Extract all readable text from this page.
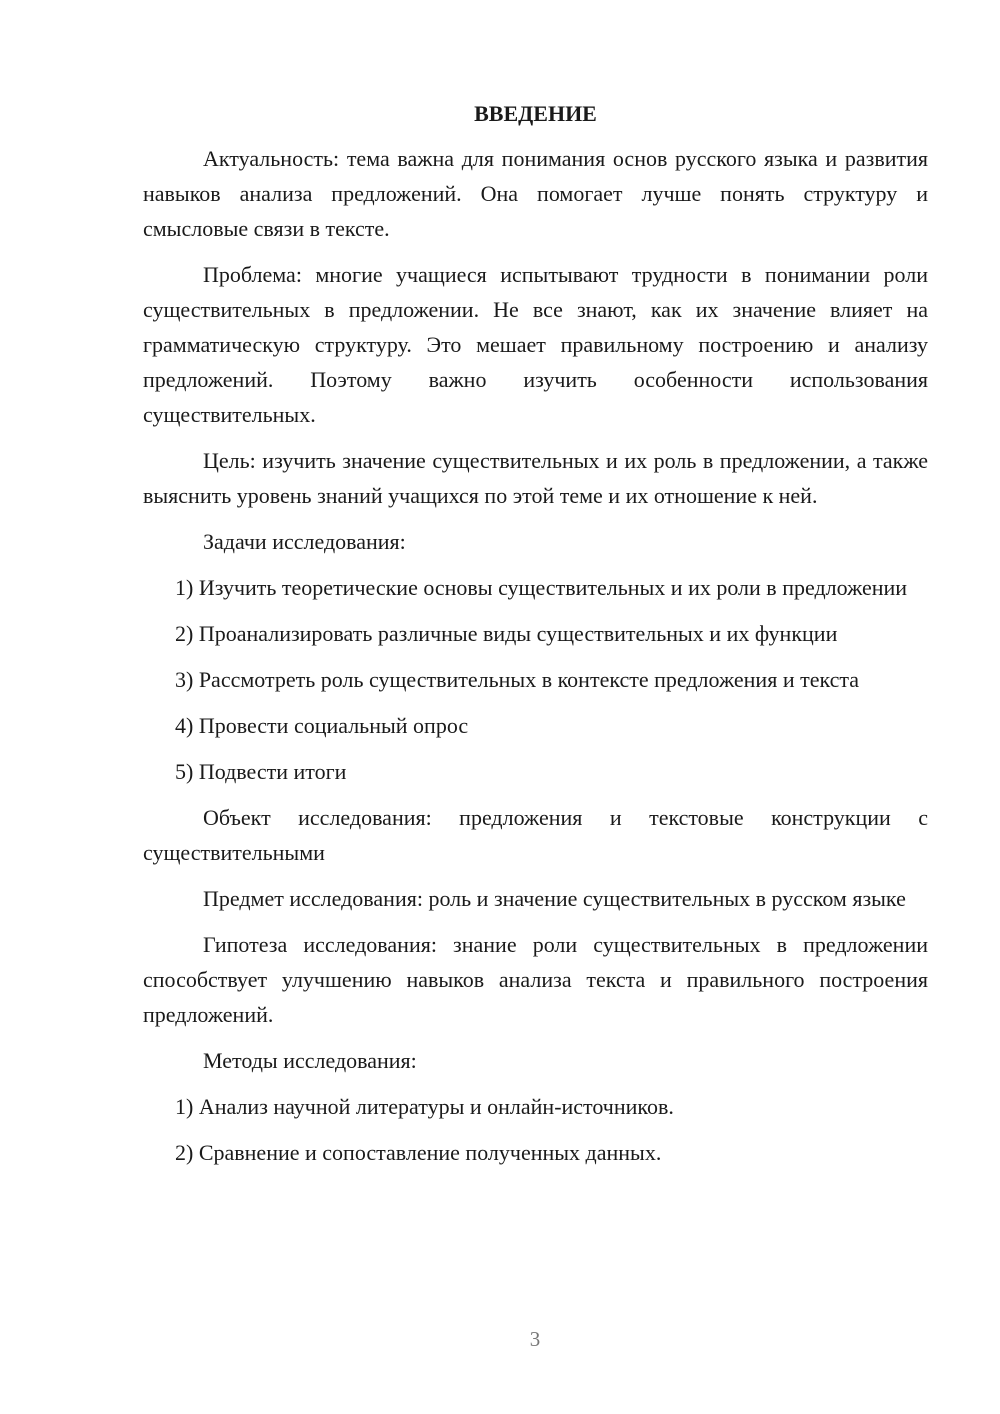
ВВЕДЕНИЕ

Актуальность: тема важна для понимания основ русского языка и развития навыков анализа предложений. Она помогает лучше понять структуру и смысловые связи в тексте.

Проблема: многие учащиеся испытывают трудности в понимании роли существительных в предложении. Не все знают, как их значение влияет на грамматическую структуру. Это мешает правильному построению и анализу предложений. Поэтому важно изучить особенности использования существительных.

Цель: изучить значение существительных и их роль в предложении, а также выяснить уровень знаний учащихся по этой теме и их отношение к ней.

Задачи исследования:

1) Изучить теоретические основы существительных и их роли в предложении

2) Проанализировать различные виды существительных и их функции

3) Рассмотреть роль существительных в контексте предложения и текста

4) Провести социальный опрос

5) Подвести итоги

Объект исследования: предложения и текстовые конструкции с существительными

Предмет исследования: роль и значение существительных в русском языке

Гипотеза исследования: знание роли существительных в предложении способствует улучшению навыков анализа текста и правильного построения предложений.

Методы исследования:

1) Анализ научной литературы и онлайн-источников.

2) Сравнение и сопоставление полученных данных.

3
